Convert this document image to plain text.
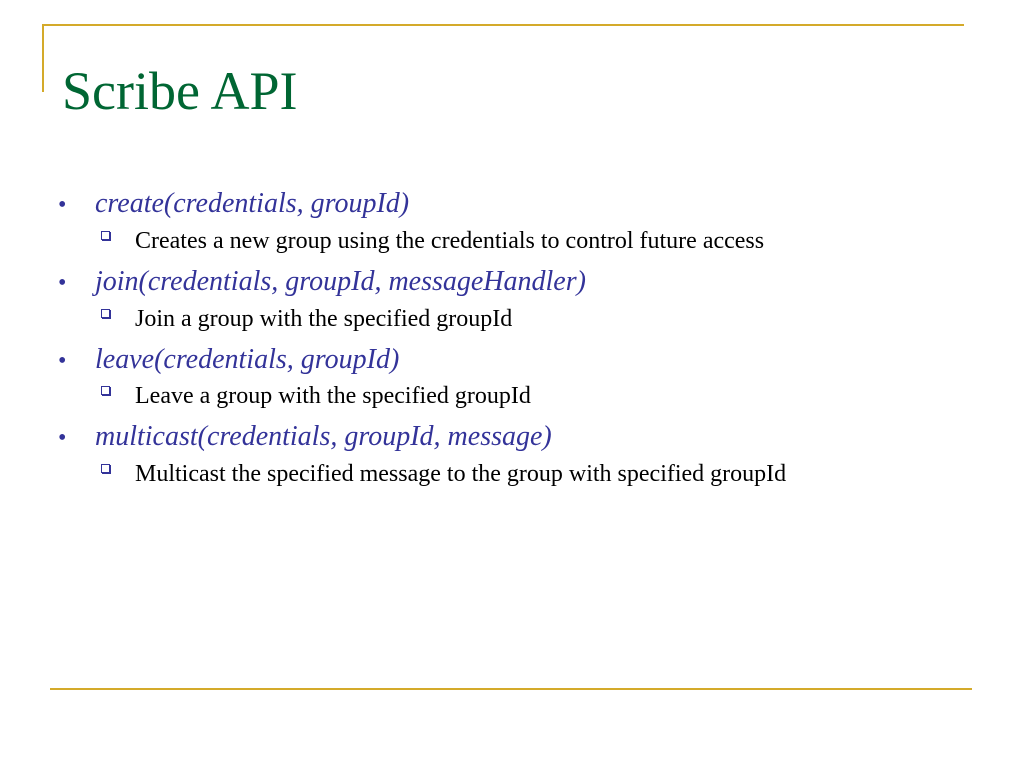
Scribe API
•	create(credentials, groupId)
Creates a new group using the credentials to control future access
•	join(credentials, groupId, messageHandler)
Join a group with the specified groupId
•	leave(credentials, groupId)
Leave a group with the specified groupId
•	multicast(credentials, groupId, message)
Multicast the specified message to the group with specified groupId
